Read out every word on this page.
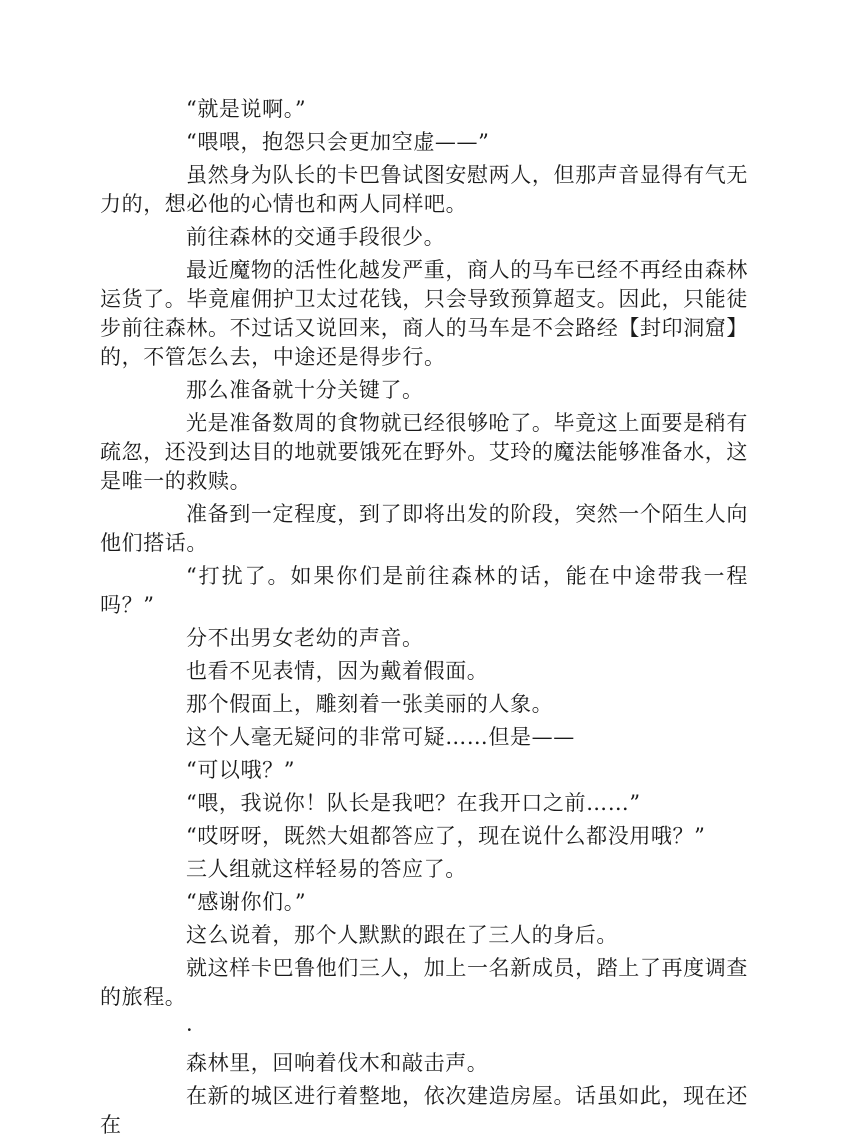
“就是说啊。”

“喂喂，抱怨只会更加空虚——”

虽然身为队长的卡巴鲁试图安慰两人，但那声音显得有气无力的，想必他的心情也和两人同样吧。

前往森林的交通手段很少。

最近魔物的活性化越发严重，商人的马车已经不再经由森林运货了。毕竟雇佣护卫太过花钱，只会导致预算超支。因此，只能徒步前往森林。不过话又说回来，商人的马车是不会路经【封印洞窟】的，不管怎么去，中途还是得步行。

那么准备就十分关键了。

光是准备数周的食物就已经很够呛了。毕竟这上面要是稍有疏忽，还没到达目的地就要饿死在野外。艾玲的魔法能够准备水，这是唯一的救赎。

准备到一定程度，到了即将出发的阶段，突然一个陌生人向他们搭话。

“打扰了。如果你们是前往森林的话，能在中途带我一程吗？”

分不出男女老幼的声音。

也看不见表情，因为戴着假面。

那个假面上，雕刻着一张美丽的人象。

这个人毫无疑问的非常可疑……但是——

“可以哦？”

“喂，我说你！队长是我吧？在我开口之前……”

“哎呀呀，既然大姐都答应了，现在说什么都没用哦？”

三人组就这样轻易的答应了。

“感谢你们。”

这么说着，那个人默默的跟在了三人的身后。

就这样卡巴鲁他们三人，加上一名新成员，踏上了再度调查的旅程。

·

森林里，回响着伐木和敲击声。

在新的城区进行着整地，依次建造房屋。话虽如此，现在还在
